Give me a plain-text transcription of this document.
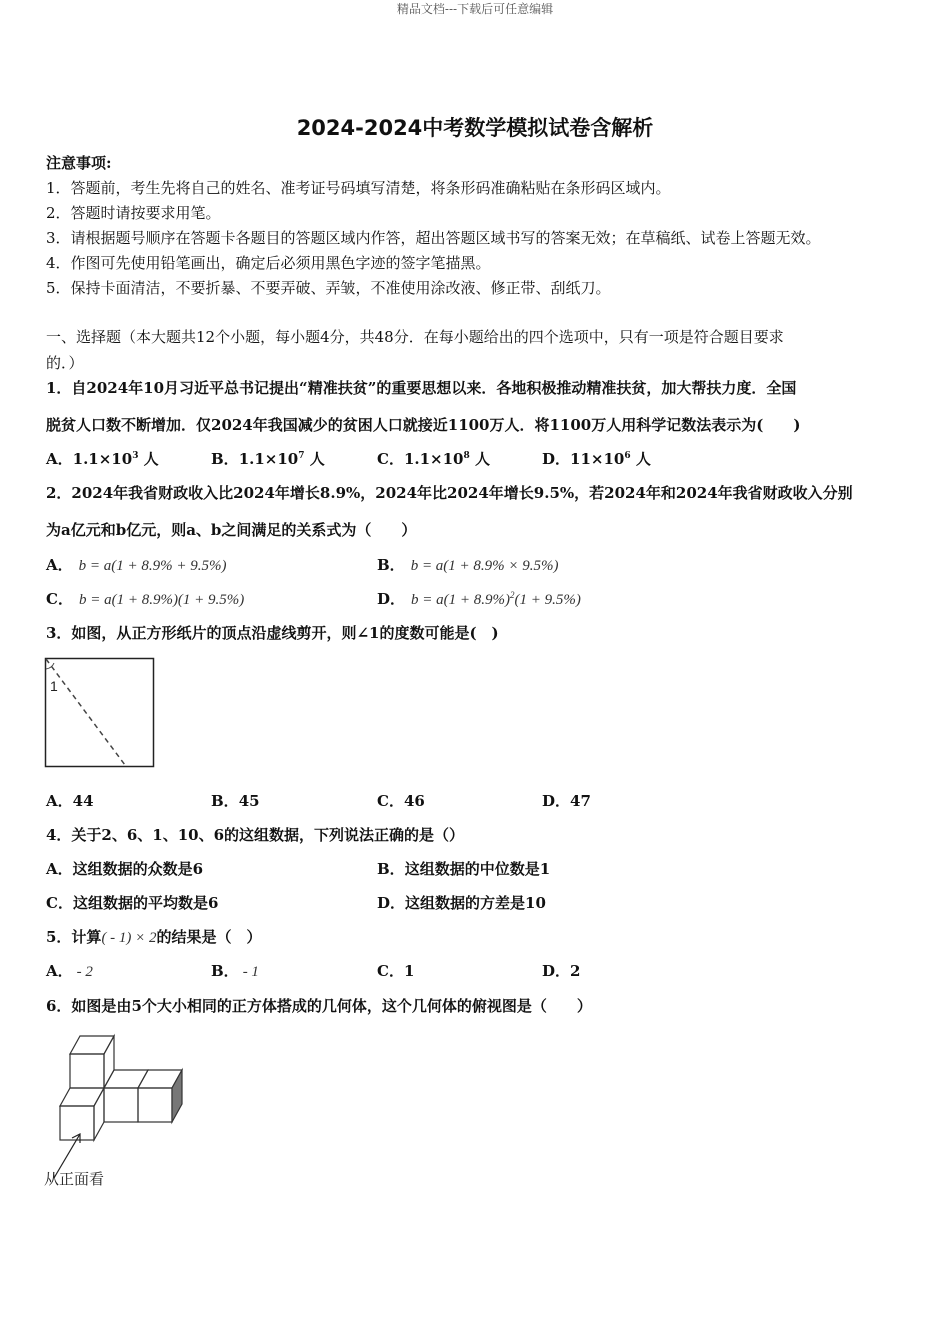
精品文档---下载后可任意编辑
2024-2024中考数学模拟试卷含解析
注意事项:
1．答题前，考生先将自己的姓名、准考证号码填写清楚，将条形码准确粘贴在条形码区域内。
2．答题时请按要求用笔。
3．请根据题号顺序在答题卡各题目的答题区域内作答，超出答题区域书写的答案无效；在草稿纸、试卷上答题无效。
4．作图可先使用铅笔画出，确定后必须用黑色字迹的签字笔描黑。
5．保持卡面清洁，不要折暴、不要弄破、弄皱，不准使用涂改液、修正带、刮纸刀。
一、选择题（本大题共12个小题，每小题4分，共48分．在每小题给出的四个选项中，只有一项是符合题目要求
的．）
1．自2024年10月习近平总书记提出“精准扶贫”的重要思想以来．各地积极推动精准扶贫，加大帮扶力度．全国
脱贫人口数不断增加．仅2024年我国减少的贫困人口就接近1100万人．将1100万人用科学记数法表示为(　　)
A．$1.1\times 10^3$ 人	B．$1.1\times 10^7$ 人	C．$1.1\times 10^8$ 人	D．$11\times 10^6$ 人
2．2024年我省财政收入比2024年增长8.9%，2024年比2024年增长9.5%，若2024年和2024年我省财政收入分别
为a亿元和b亿元，则a、b之间满足的关系式为（　　）
A． b = a(1 + 8.9% + 9.5%)	B． b = a(1 + 8.9% × 9.5%)
C． b = a(1 + 8.9%)(1 + 9.5%)	D． $b = a(1 + 8.9\%)^2(1 + 9.5\%)$
3．如图，从正方形纸片的顶点沿虚线剪开，则∠1的度数可能是(　)
1
A．44	B．45	C．46	D．47
4．关于2、6、1、10、6的这组数据，下列说法正确的是（）
A．这组数据的众数是6	B．这组数据的中位数是1
C．这组数据的平均数是6	D．这组数据的方差是10
5．计算( - 1) × 2的结果是（　）
A． - 2	B． - 1	C．1	D．2
6．如图是由5个大小相同的正方体搭成的几何体，这个几何体的俯视图是（　　）
从正面看
